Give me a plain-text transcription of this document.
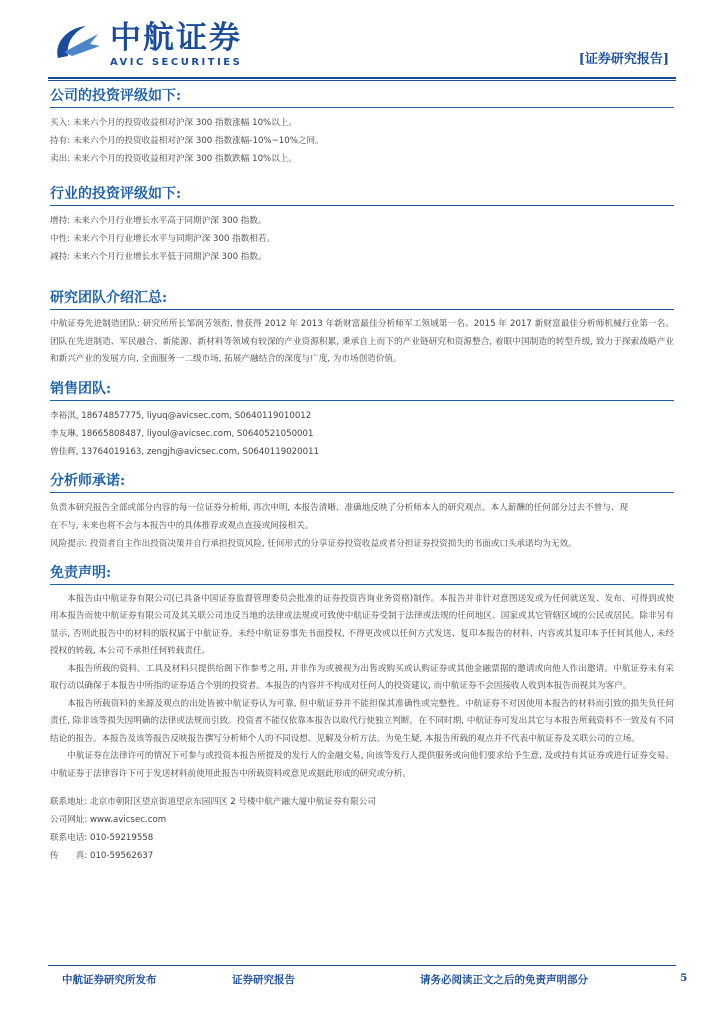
AVIC
中航证券
AVIC SECURITIES	[证券研究报告]
公司的投资评级如下:

买入: 未来六个月的投资收益相对沪深 300 指数涨幅 10%以上。

持有: 未来六个月的投资收益相对沪深 300 指数涨幅-10%~10%之间。

卖出: 未来六个月的投资收益相对沪深 300 指数跌幅 10%以上。

行业的投资评级如下:

增持: 未来六个月行业增长水平高于同期沪深 300 指数。

中性: 未来六个月行业增长水平与同期沪深 300 指数相若。

减持: 未来六个月行业增长水平低于同期沪深 300 指数。

研究团队介绍汇总:

中航证券先进制造团队: 研究所所长邹润芳领衔, 曾获得 2012 年 2013 年新财富最佳分析师军工领域第一名、2015 年 2017 新财富最佳分析师机械行业第一名。团队在先进制造、军民融合、新能源、新材料等领域有较深的产业资源积累, 秉承自上而下的产业链研究和资源整合, 着眼中国制造的转型升级, 致力于探索战略产业和新兴产业的发展方向, 全面服务一二级市场, 拓展产融结合的深度与广度, 为市场创造价值。

销售团队:

李裕淇, 18674857775, liyuq@avicsec.com, S0640119010012

李友琳, 18665808487, liyoul@avicsec.com, S0640521050001

曾佳辉, 13764019163, zengjh@avicsec.com, S0640119020011

分析师承诺:

负责本研究报告全部或部分内容的每一位证券分析师, 再次申明, 本报告清晰、准确地反映了分析师本人的研究观点。本人薪酬的任何部分过去不曾与、现

在不与, 未来也将不会与本报告中的具体推荐或观点直接或间接相关。

风险提示: 投资者自主作出投资决策并自行承担投资风险, 任何形式的分享证券投资收益或者分担证券投资损失的书面或口头承诺均为无效。

免责声明:

本报告由中航证券有限公司(已具备中国证券监督管理委员会批准的证券投资咨询业务资格)制作。本报告并非针对意图送发或为任何就送发、发布、可得到或使用本报告而使中航证券有限公司及其关联公司违反当地的法律或法规或可致使中航证券受制于法律或法规的任何地区、国家或其它管辖区域的公民或居民。除非另有显示, 否则此报告中的材料的版权属于中航证券。未经中航证券事先书面授权, 不得更改或以任何方式发送、复印本报告的材料、内容或其复印本予任何其他人, 未经授权的转载, 本公司不承担任何转载责任。

本报告所载的资料、工具及材料只提供给阁下作参考之用, 并非作为或被视为出售或购买或认购证券或其他金融票据的邀请或向他人作出邀请。中航证券未有采取行动以确保于本报告中所指的证券适合个别的投资者。本报告的内容并不构成对任何人的投资建议, 而中航证券不会因接收人收到本报告而视其为客户。

本报告所载资料的来源及观点的出处皆被中航证券认为可靠, 但中航证券并不能担保其准确性或完整性。中航证券不对因使用本报告的材料而引致的损失负任何责任, 除非该等损失因明确的法律或法规而引致。投资者不能仅依靠本报告以取代行使独立判断。在不同时期, 中航证券可发出其它与本报告所载资料不一致及有不同结论的报告。本报告及该等报告反映报告撰写分析师个人的不同设想、见解及分析方法。为免生疑, 本报告所载的观点并不代表中航证券及关联公司的立场。

中航证券在法律许可的情况下可参与或投资本报告所提及的发行人的金融交易, 向该等发行人提供服务或向他们要求给予生意, 及或持有其证券或进行证券交易。中航证券于法律容许下可于发送材料前使用此报告中所载资料或意见或据此形成的研究或分析。

联系地址: 北京市朝阳区望京街道望京东园四区 2 号楼中航产融大厦中航证券有限公司

公司网址: www.avicsec.com

联系电话: 010-59219558

传　　真: 010-59562637

中航证券研究所发布	证券研究报告	请务必阅读正文之后的免责声明部分	5
